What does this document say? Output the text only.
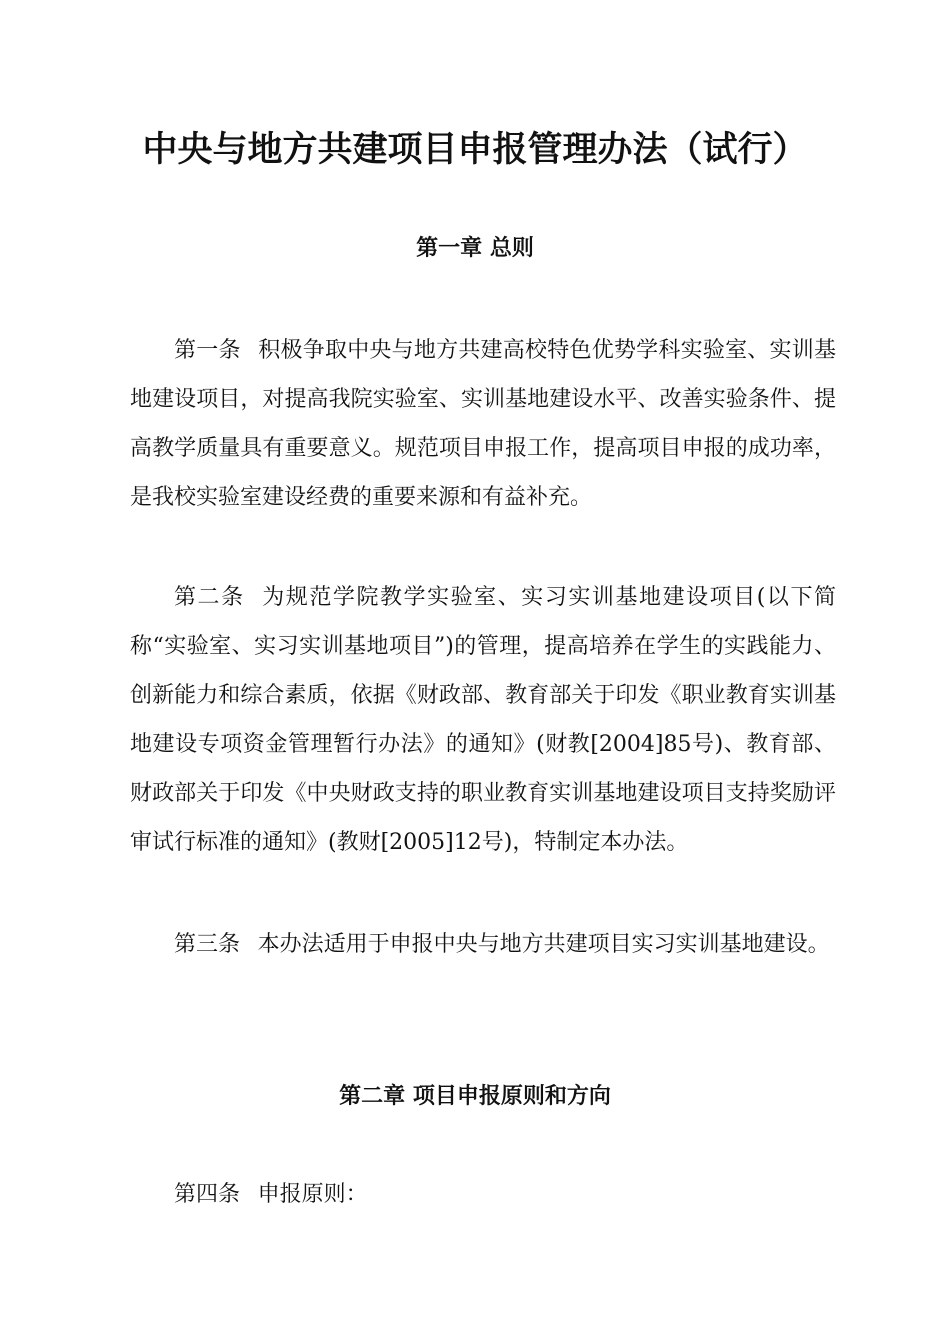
中央与地方共建项目申报管理办法（试行）
第一章 总则

第一条 积极争取中央与地方共建高校特色优势学科实验室、实训基地建设项目，对提高我院实验室、实训基地建设水平、改善实验条件、提高教学质量具有重要意义。规范项目申报工作，提高项目申报的成功率，是我校实验室建设经费的重要来源和有益补充。

第二条 为规范学院教学实验室、实习实训基地建设项目(以下简称“实验室、实习实训基地项目”)的管理，提高培养在学生的实践能力、创新能力和综合素质，依据《财政部、教育部关于印发《职业教育实训基地建设专项资金管理暂行办法》的通知》(财教[2004]85号)、教育部、财政部关于印发《中央财政支持的职业教育实训基地建设项目支持奖励评审试行标准的通知》(教财[2005]12号)，特制定本办法。

第三条 本办法适用于申报中央与地方共建项目实习实训基地建设。

第二章 项目申报原则和方向

第四条 申报原则：
